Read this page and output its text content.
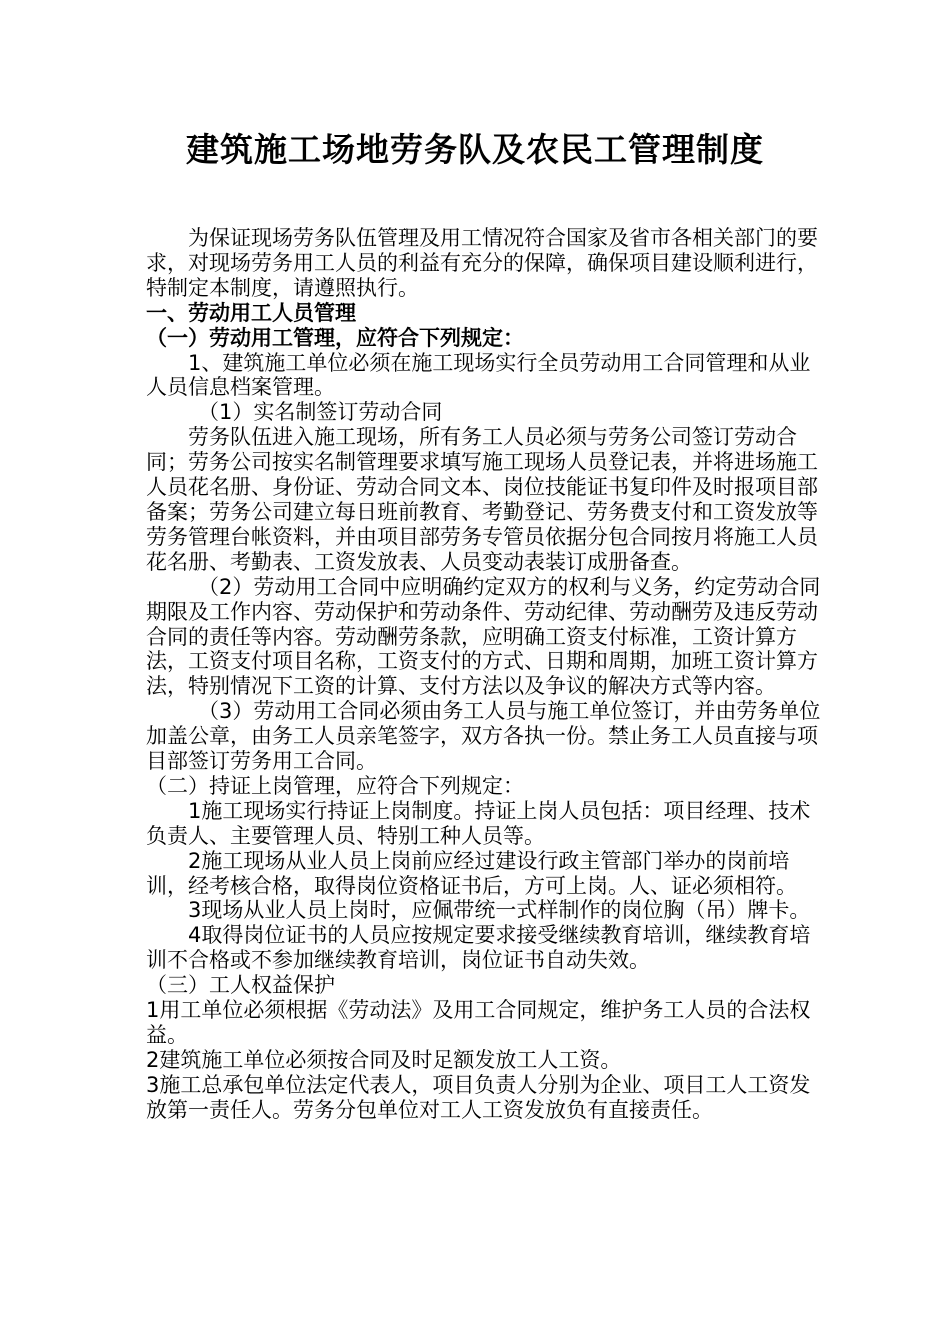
建筑施工场地劳务队及农民工管理制度

为保证现场劳务队伍管理及用工情况符合国家及省市各相关部门的要求，对现场劳务用工人员的利益有充分的保障，确保项目建设顺利进行，特制定本制度，请遵照执行。

一、劳动用工人员管理

（一）劳动用工管理，应符合下列规定：

1、建筑施工单位必须在施工现场实行全员劳动用工合同管理和从业人员信息档案管理。

（1）实名制签订劳动合同

劳务队伍进入施工现场，所有务工人员必须与劳务公司签订劳动合同；劳务公司按实名制管理要求填写施工现场人员登记表，并将进场施工人员花名册、身份证、劳动合同文本、岗位技能证书复印件及时报项目部备案；劳务公司建立每日班前教育、考勤登记、劳务费支付和工资发放等劳务管理台帐资料，并由项目部劳务专管员依据分包合同按月将施工人员花名册、考勤表、工资发放表、人员变动表装订成册备查。

（2）劳动用工合同中应明确约定双方的权利与义务，约定劳动合同期限及工作内容、劳动保护和劳动条件、劳动纪律、劳动酬劳及违反劳动合同的责任等内容。劳动酬劳条款，应明确工资支付标准，工资计算方法，工资支付项目名称，工资支付的方式、日期和周期，加班工资计算方法，特别情况下工资的计算、支付方法以及争议的解决方式等内容。

（3）劳动用工合同必须由务工人员与施工单位签订，并由劳务单位加盖公章，由务工人员亲笔签字，双方各执一份。禁止务工人员直接与项目部签订劳务用工合同。

（二）持证上岗管理，应符合下列规定：

1施工现场实行持证上岗制度。持证上岗人员包括：项目经理、技术负责人、主要管理人员、特别工种人员等。

2施工现场从业人员上岗前应经过建设行政主管部门举办的岗前培训，经考核合格，取得岗位资格证书后，方可上岗。人、证必须相符。

3现场从业人员上岗时，应佩带统一式样制作的岗位胸（吊）牌卡。

4取得岗位证书的人员应按规定要求接受继续教育培训，继续教育培训不合格或不参加继续教育培训，岗位证书自动失效。

（三）工人权益保护

1用工单位必须根据《劳动法》及用工合同规定，维护务工人员的合法权益。

2建筑施工单位必须按合同及时足额发放工人工资。

3施工总承包单位法定代表人，项目负责人分别为企业、项目工人工资发放第一责任人。劳务分包单位对工人工资发放负有直接责任。
